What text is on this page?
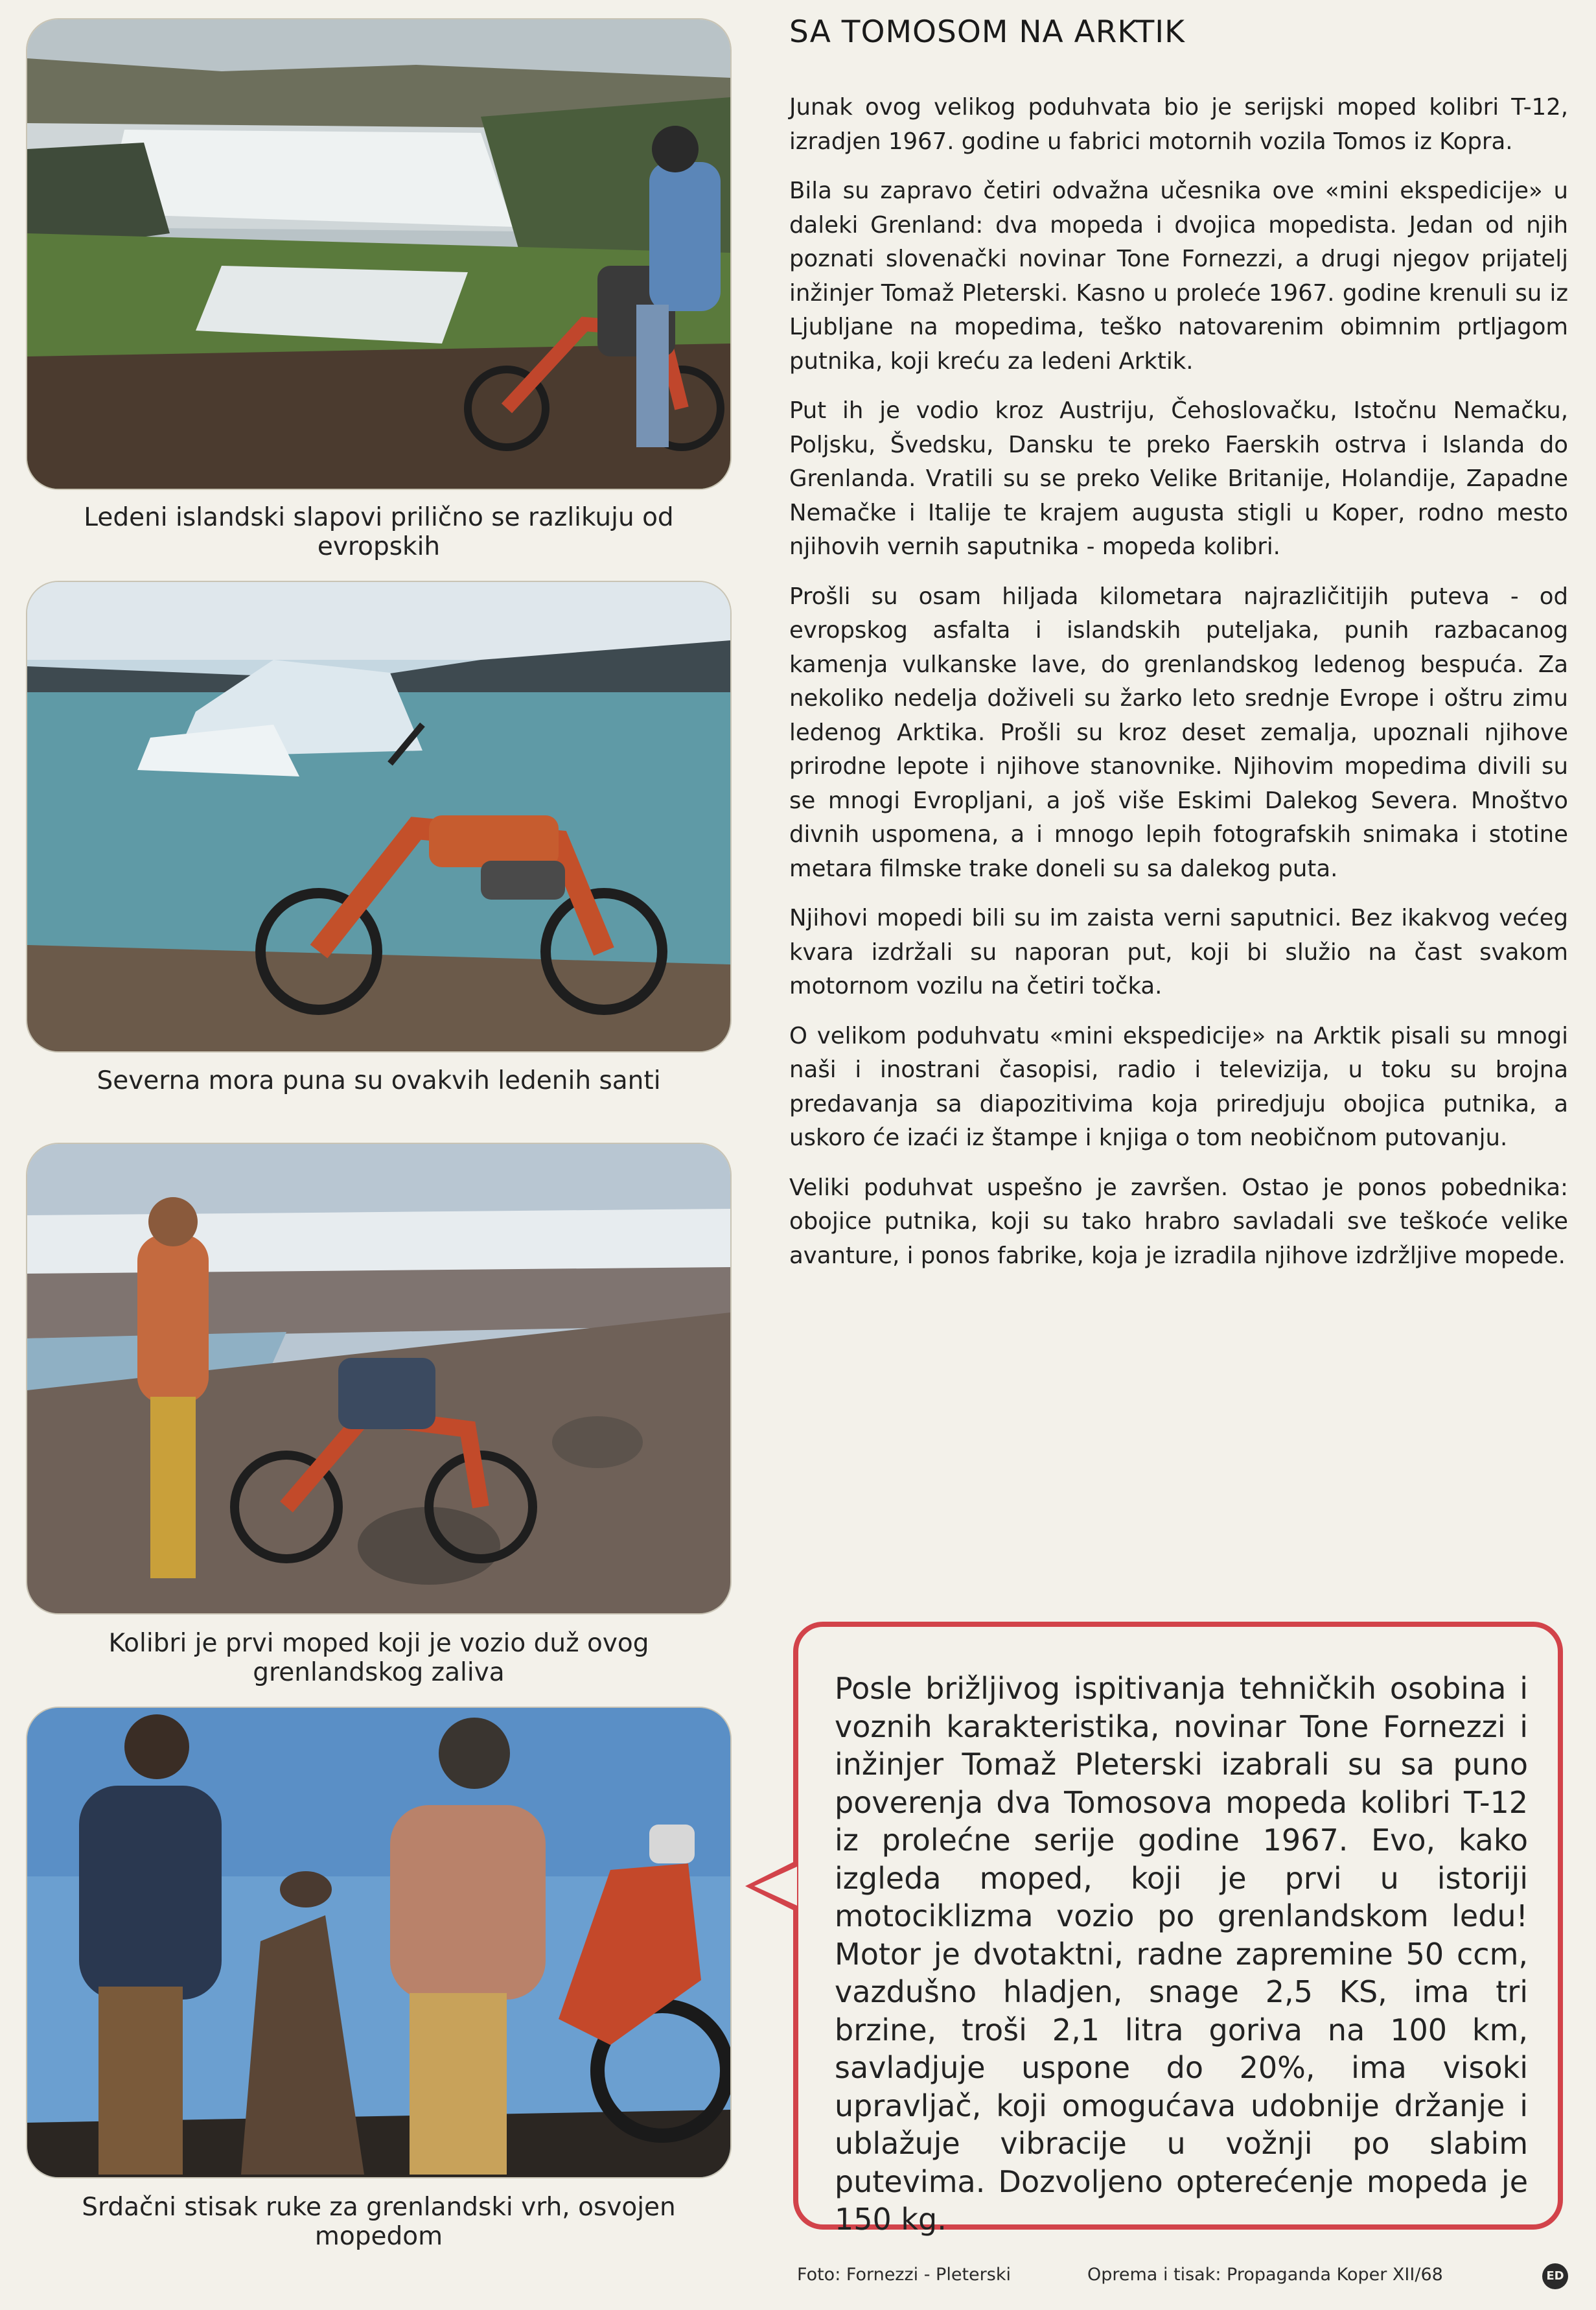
Ledeni islandski slapovi prilično se razlikuju od evropskih
Severna mora puna su ovakvih ledenih santi
Kolibri je prvi moped koji je vozio duž ovog grenlandskog zaliva
Srdačni stisak ruke za grenlandski vrh, osvojen mopedom
SA TOMOSOM NA ARKTIK

Junak ovog velikog poduhvata bio je serijski moped kolibri T-12, izradjen 1967. godine u fabrici motornih vozila Tomos iz Kopra.

Bila su zapravo četiri odvažna učesnika ove «mini ekspedicije» u daleki Grenland: dva mopeda i dvojica mopedista. Jedan od njih poznati slovenački novinar Tone Fornezzi, a drugi njegov prijatelj inžinjer Tomaž Pleterski. Kasno u proleće 1967. godine krenuli su iz Ljubljane na mopedima, teško natovarenim obimnim prtljagom putnika, koji kreću za ledeni Arktik.

Put ih je vodio kroz Austriju, Čehoslovačku, Istočnu Nemačku, Poljsku, Švedsku, Dansku te preko Faerskih ostrva i Islanda do Grenlanda. Vratili su se preko Velike Britanije, Holandije, Zapadne Nemačke i Italije te krajem augusta stigli u Koper, rodno mesto njihovih vernih saputnika - mopeda kolibri.

Prošli su osam hiljada kilometara najrazličitijih puteva - od evropskog asfalta i islandskih puteljaka, punih razbacanog kamenja vulkanske lave, do grenlandskog ledenog bespuća. Za nekoliko nedelja doživeli su žarko leto srednje Evrope i oštru zimu ledenog Arktika. Prošli su kroz deset zemalja, upoznali njihove prirodne lepote i njihove stanovnike. Njihovim mopedima divili su se mnogi Evropljani, a još više Eskimi Dalekog Severa. Mnoštvo divnih uspomena, a i mnogo lepih fotografskih snimaka i stotine metara filmske trake doneli su sa dalekog puta.

Njihovi mopedi bili su im zaista verni saputnici. Bez ikakvog većeg kvara izdržali su naporan put, koji bi služio na čast svakom motornom vozilu na četiri točka.

O velikom poduhvatu «mini ekspedicije» na Arktik pisali su mnogi naši i inostrani časopisi, radio i televizija, u toku su brojna predavanja sa diapozitivima koja priredjuju obojica putnika, a uskoro će izaći iz štampe i knjiga o tom neobičnom putovanju.

Veliki poduhvat uspešno je završen. Ostao je ponos pobednika: obojice putnika, koji su tako hrabro savladali sve teškoće velike avanture, i ponos fabrike, koja je izradila njihove izdržljive mopede.

Posle brižljivog ispitivanja tehničkih osobina i voznih karakteristika, novinar Tone Fornezzi i inžinjer Tomaž Pleterski izabrali su sa puno poverenja dva Tomosova mopeda kolibri T-12 iz prolećne serije godine 1967. Evo, kako izgleda moped, koji je prvi u istoriji motociklizma vozio po grenlandskom ledu! Motor je dvotaktni, radne zapremine 50 ccm, vazdušno hladjen, snage 2,5 KS, ima tri brzine, troši 2,1 litra goriva na 100 km, savladjuje uspone do 20%, ima visoki upravljač, koji omogućava udobnije držanje i ublažuje vibracije u vožnji po slabim putevima. Dozvoljeno opterećenje mopeda je 150 kg.

Foto: Fornezzi - Pleterski	Oprema i tisak: Propaganda Koper XII/68	ED
